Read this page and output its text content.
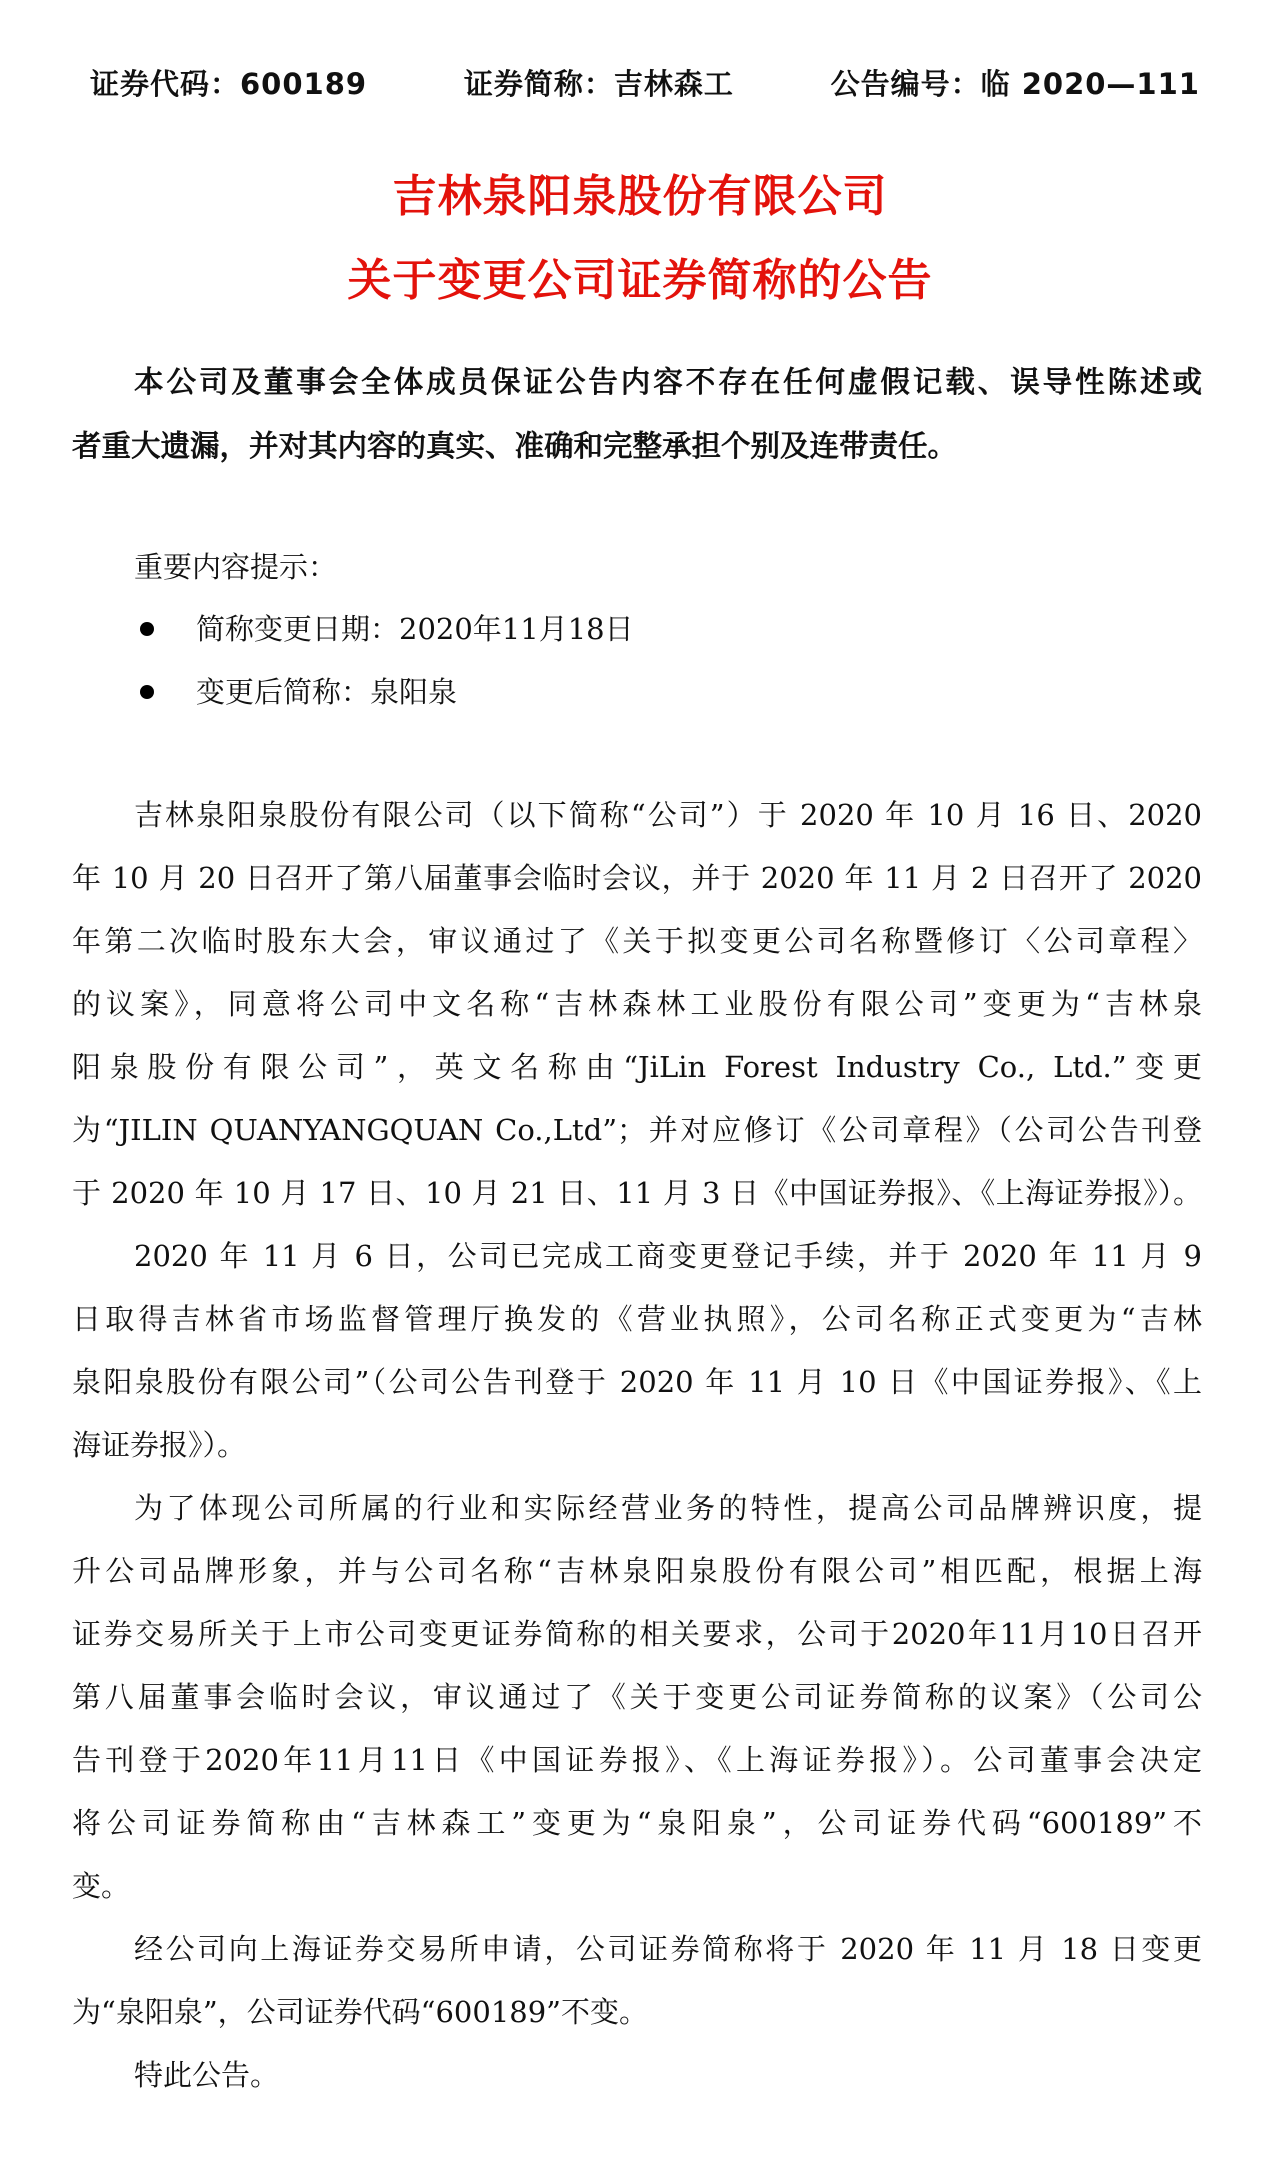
证券代码：600189	证券简称：吉林森工	公告编号：临 2020—111
吉林泉阳泉股份有限公司
关于变更公司证券简称的公告
本公司及董事会全体成员保证公告内容不存在任何虚假记载、误导性陈述或
者重大遗漏，并对其内容的真实、准确和完整承担个别及连带责任。
重要内容提示：
简称变更日期：2020年11月18日
变更后简称：泉阳泉
吉林泉阳泉股份有限公司（以下简称“公司”）于 2020 年 10 月 16 日、2020
年 10 月 20 日召开了第八届董事会临时会议，并于 2020 年 11 月 2 日召开了 2020
年第二次临时股东大会，审议通过了《关于拟变更公司名称暨修订〈公司章程〉
的议案》，同意将公司中文名称“吉林森林工业股份有限公司”变更为“吉林泉
阳泉股份有限公司”，英文名称由“JiLin Forest Industry Co., Ltd.”变更
为“JILIN QUANYANGQUAN Co.,Ltd”；并对应修订《公司章程》（公司公告刊登
于 2020 年 10 月 17 日、10 月 21 日、11 月 3 日《中国证券报》、《上海证券报》）。
2020 年 11 月 6 日，公司已完成工商变更登记手续，并于 2020 年 11 月 9
日取得吉林省市场监督管理厅换发的《营业执照》，公司名称正式变更为“吉林
泉阳泉股份有限公司”（公司公告刊登于 2020 年 11 月 10 日《中国证券报》、《上
海证券报》）。
为了体现公司所属的行业和实际经营业务的特性，提高公司品牌辨识度，提
升公司品牌形象，并与公司名称“吉林泉阳泉股份有限公司”相匹配，根据上海
证券交易所关于上市公司变更证券简称的相关要求，公司于2020年11月10日召开
第八届董事会临时会议，审议通过了《关于变更公司证券简称的议案》（公司公
告刊登于2020年11月11日《中国证券报》、《上海证券报》）。公司董事会决定
将公司证券简称由“吉林森工”变更为“泉阳泉”，公司证券代码“600189”不
变。
经公司向上海证券交易所申请，公司证券简称将于 2020 年 11 月 18 日变更
为“泉阳泉”，公司证券代码“600189”不变。
特此公告。
